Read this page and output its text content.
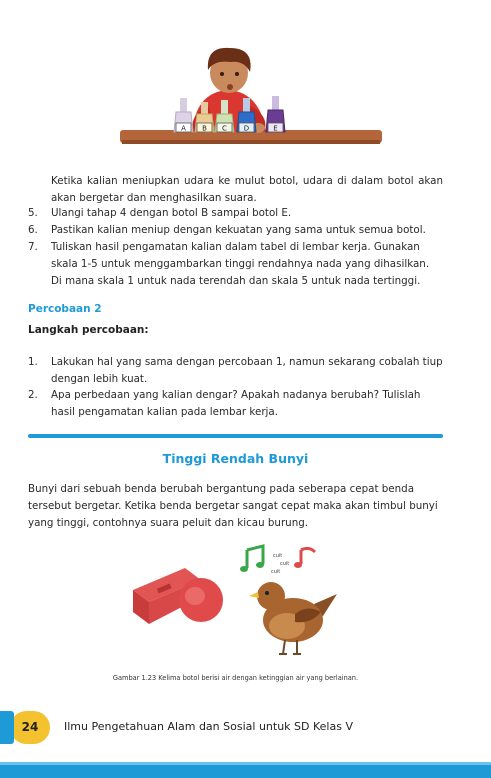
A B C D	E
Ketika kalian meniupkan udara ke mulut botol, udara di dalam botol akan akan bergetar dan menghasilkan suara.
5. Ulangi tahap 4 dengan botol B sampai botol E.
6. Pastikan kalian meniup dengan kekuatan yang sama untuk semua botol.
7. Tuliskan hasil pengamatan kalian dalam tabel di lembar kerja. Gunakan
skala 1-5 untuk menggambarkan tinggi rendahnya nada yang dihasilkan.
Di mana skala 1 untuk nada terendah dan skala 5 untuk nada tertinggi.
Percobaan 2
Langkah percobaan:
1. Lakukan hal yang sama dengan percobaan 1, namun sekarang cobalah tiup
dengan lebih kuat.
2. Apa perbedaan yang kalian dengar? Apakah nadanya berubah? Tulislah
hasil pengamatan kalian pada lembar kerja.
Tinggi Rendah Bunyi
Bunyi dari sebuah benda berubah bergantung pada seberapa cepat benda
tersebut bergetar. Ketika benda bergetar sangat cepat maka akan timbul bunyi
yang tinggi, contohnya suara peluit dan kicau burung.
cuit
cuit
cuit
Gambar 1.23 Kelima botol berisi air dengan ketinggian air yang berlainan.
24	Ilmu Pengetahuan Alam dan Sosial untuk SD Kelas V
